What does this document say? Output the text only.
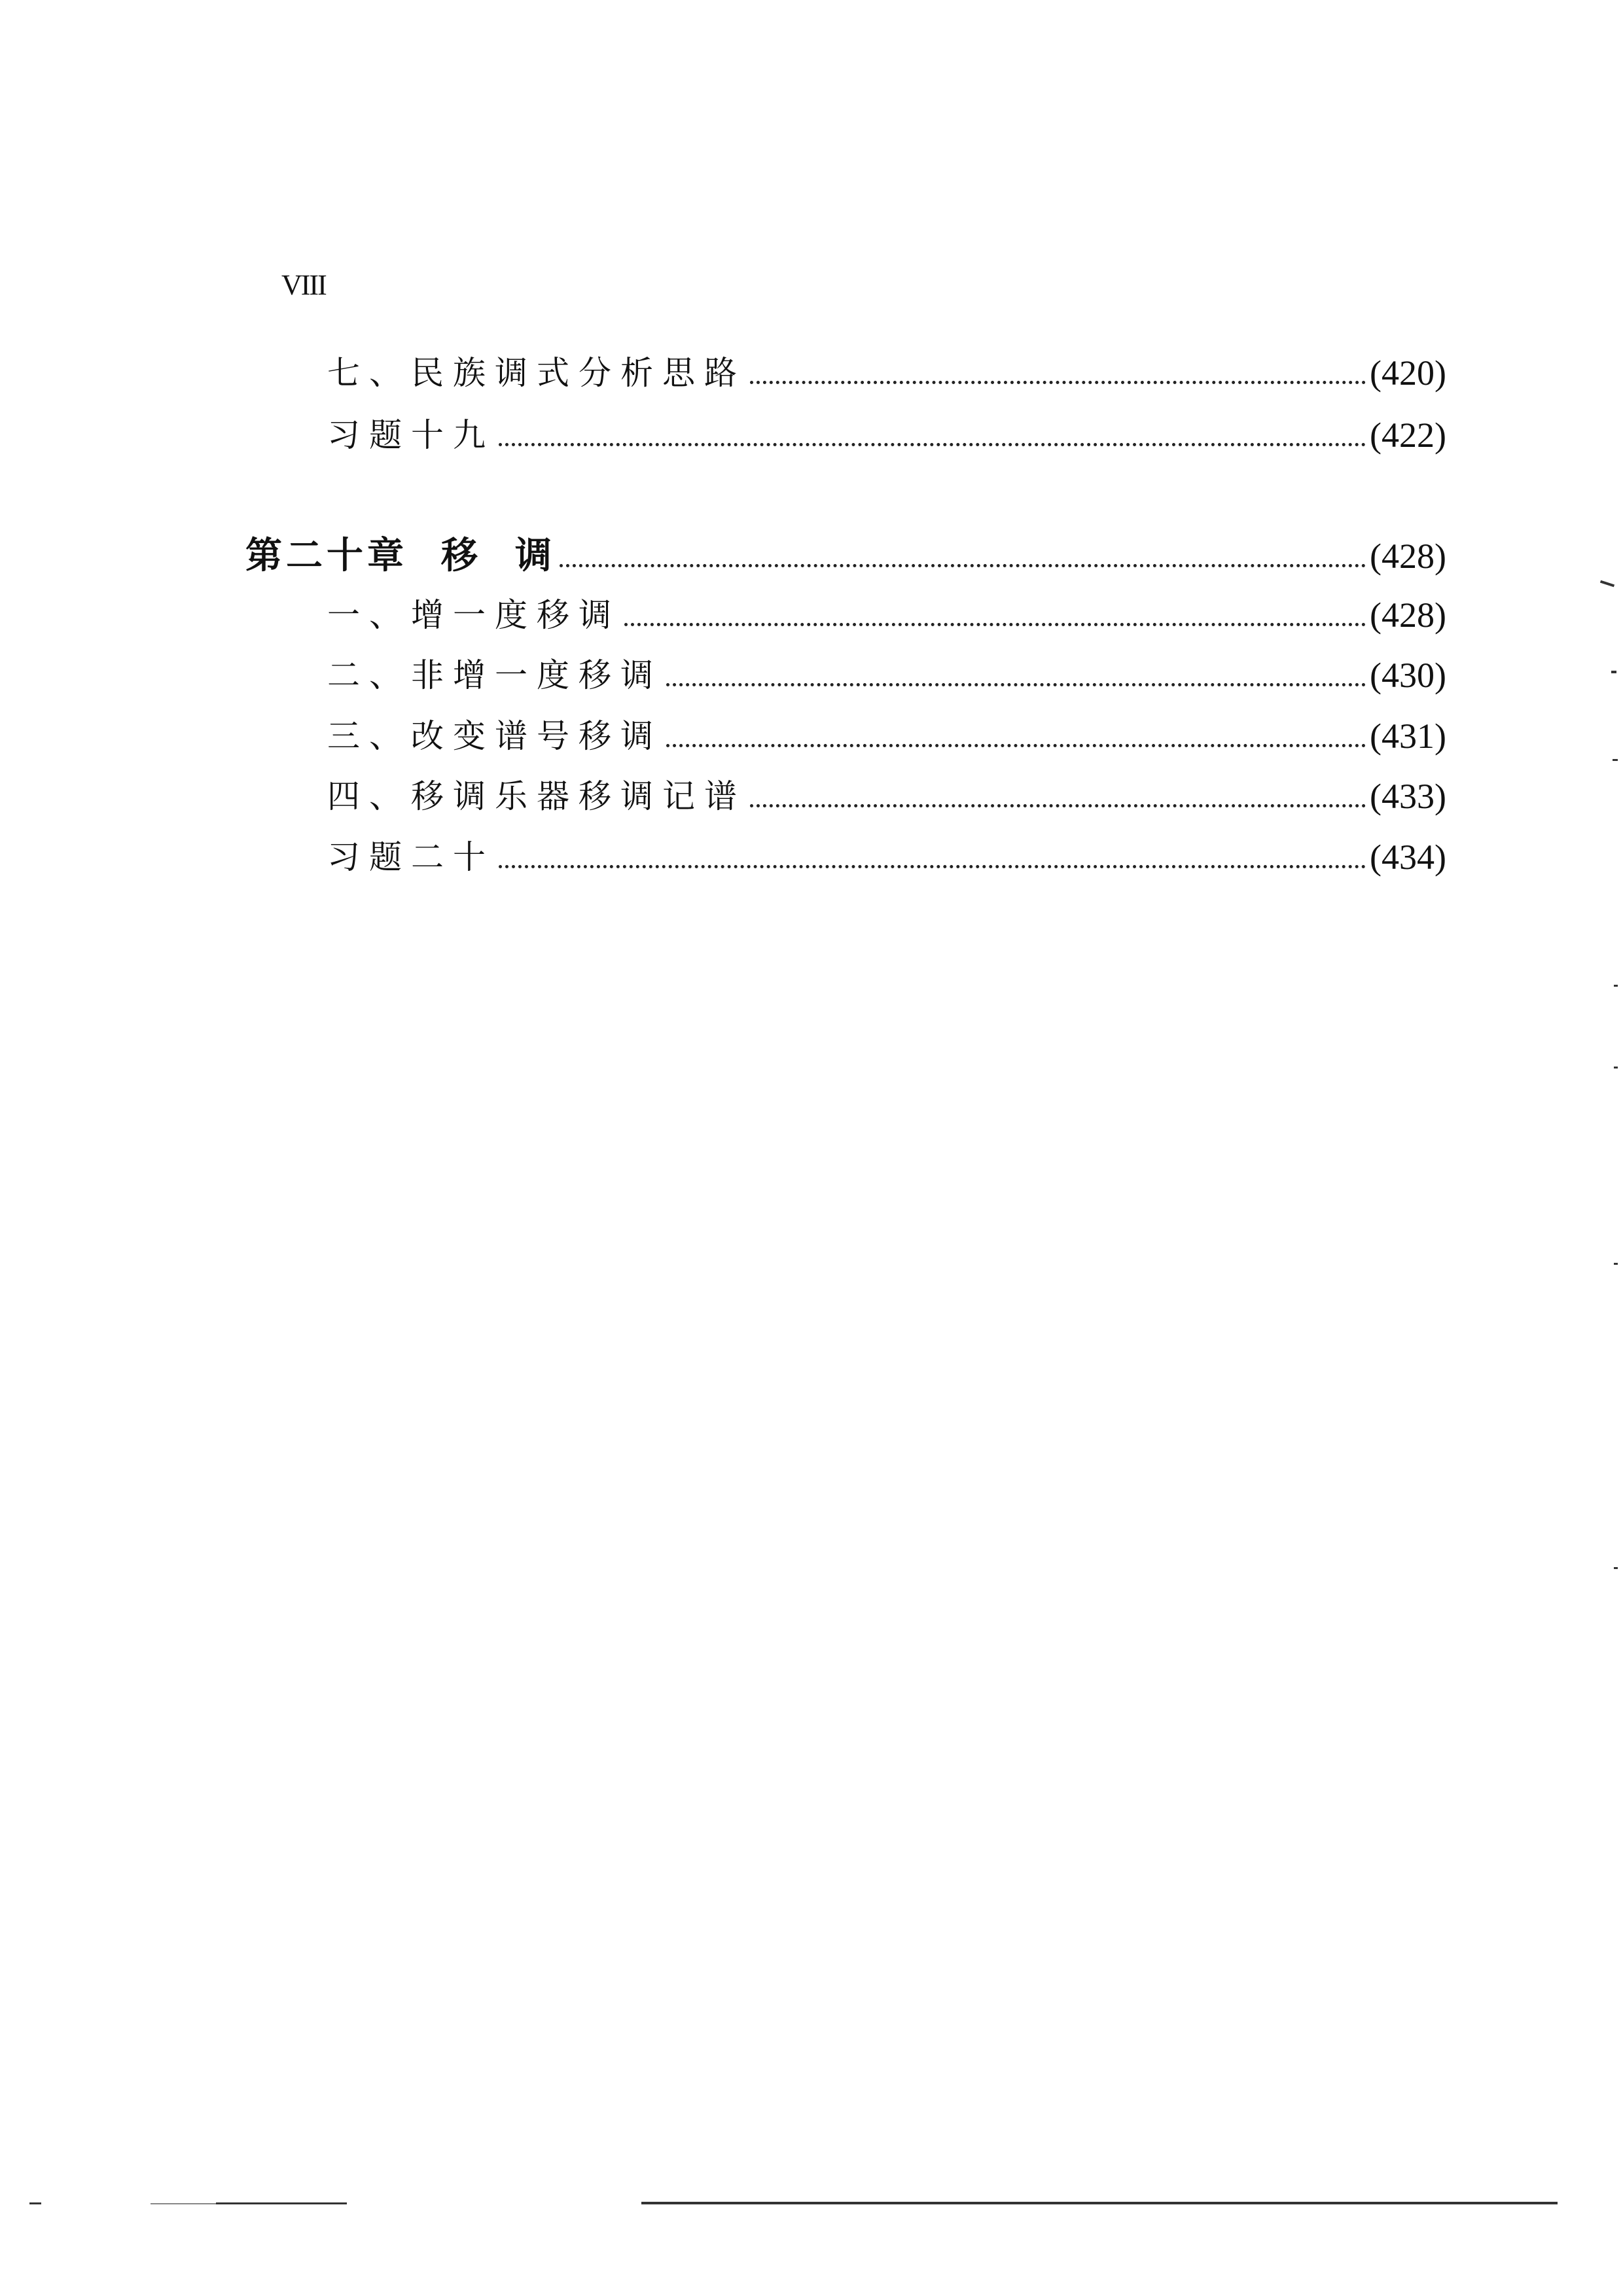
VIII
七、民族调式分析思路	(420)
习题十九	(422)
第二十章  移  调	(428)
一、增一度移调	(428)
二、非增一度移调	(430)
三、改变谱号移调	(431)
四、移调乐器移调记谱	(433)
习题二十	(434)
